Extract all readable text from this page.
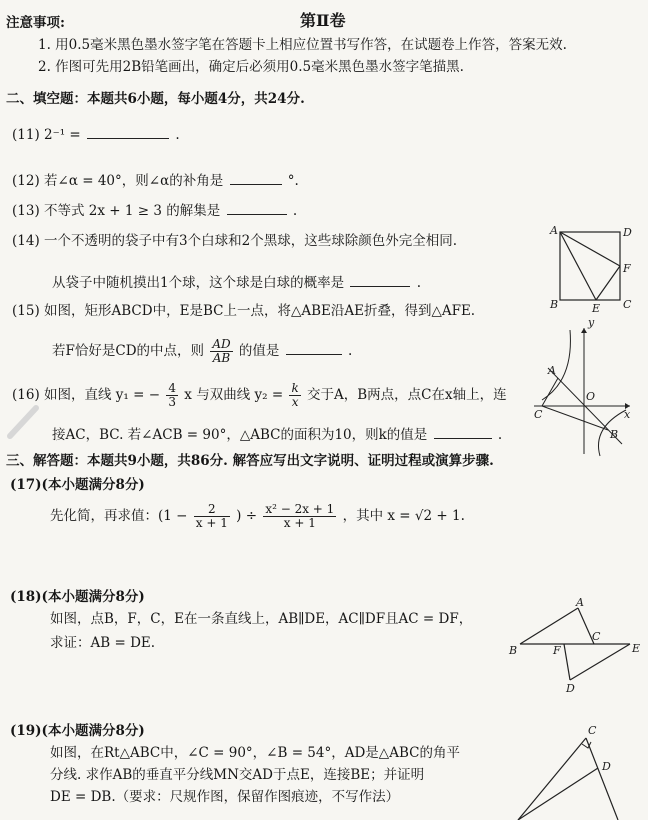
注意事项:	第Ⅱ卷
1. 用0.5毫米黑色墨水签字笔在答题卡上相应位置书写作答，在试题卷上作答，答案无效.
2. 作图可先用2B铅笔画出，确定后必须用0.5毫米黑色墨水签字笔描黑.
二、填空题：本题共6小题，每小题4分，共24分.
(11) 2⁻¹ =	.
(12) 若∠α = 40°，则∠α的补角是	°.
(13) 不等式 2x + 1 ≥ 3 的解集是	.
(14) 一个不透明的袋子中有3个白球和2个黑球，这些球除颜色外完全相同.
从袋子中随机摸出1个球，这个球是白球的概率是	.
(15) 如图，矩形ABCD中，E是BC上一点，将△ABE沿AE折叠，得到△AFE.
若F恰好是CD的中点，则 $\frac{AD}{AB}$ 的值是	.
(16) 如图，直线 y₁ = − $\frac{4}{3}$ x 与双曲线 $y_2 = \frac{k}{x}$ 交于A，B两点，点C在x轴上，连
接AC，BC. 若∠ACB = 90°，△ABC的面积为10，则k的值是	.
三、解答题：本题共9小题，共86分. 解答应写出文字说明、证明过程或演算步骤.
(17)(本小题满分8分)
先化简，再求值：($1 - \frac{2}{x + 1}$ ) ÷ $\frac{\text{x² − 2x + 1}}{x + 1}$ ，其中 x = √2 + 1.
(18)(本小题满分8分)
如图，点B，F，C，E在一条直线上，AB∥DE，AC∥DF且AC = DF，
求证：AB = DE.
(19)(本小题满分8分)
如图，在Rt△ABC中，∠C = 90°，∠B = 54°，AD是△ABC的角平
分线. 求作AB的垂直平分线MN交AD于点E，连接BE；并证明
DE = DB.（要求：尺规作图，保留作图痕迹，不写作法）
A	D
F
B	E C
y
A
O
C
B
x
A
C
B	F	E
D
C
D
